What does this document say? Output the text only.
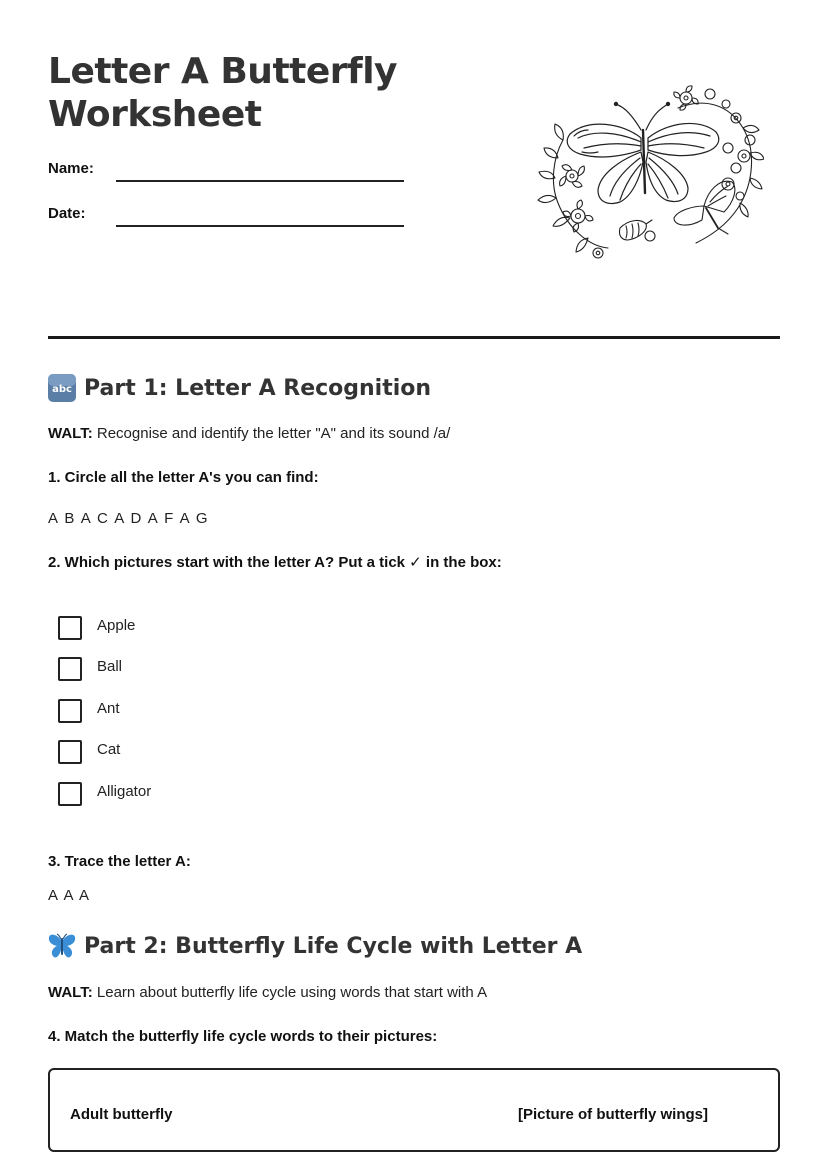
Letter A Butterfly
Worksheet
Name:
Date:
abc Part 1: Letter A Recognition
WALT: Recognise and identify the letter "A" and its sound /a/
1. Circle all the letter A's you can find:
A B A C A D A F A G
2. Which pictures start with the letter A? Put a tick ✓ in the box:
Apple
Ball
Ant
Cat
Alligator
3. Trace the letter A:
A A A
Part 2: Butterfly Life Cycle with Letter A
WALT: Learn about butterfly life cycle using words that start with A
4. Match the butterfly life cycle words to their pictures:
Adult butterfly	[Picture of butterfly wings]
